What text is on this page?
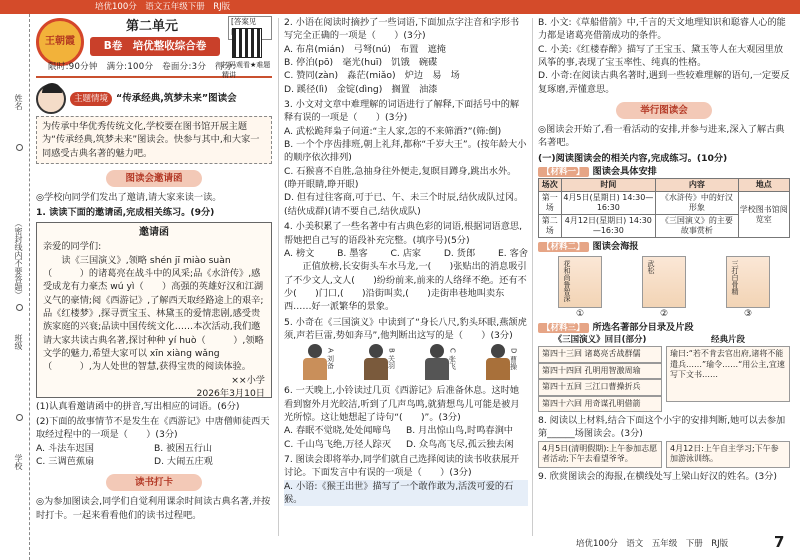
培优100分　语文五年级下册　RJ版
姓名
（密封线内不要答题）
班级
学校
王朝霞
第二单元
B卷　培优整收综合卷
[答案见
扫码观看★难题精讲
限时:90分钟　满分:100分　卷面分:3分　得分:
主题情境 “传承经典,筑梦未来”图读会
为传承中华优秀传统文化,学校要在图书馆开展主题为“传承经典,筑梦未来”图读会。快参与其中,和大家一同感受古典名著的魅力吧。
图读会邀请函

◎学校向同学们发出了邀请,请大家来读一读。

1. 读读下面的邀请函,完成相关练习。(9分)

邀请函

亲爱的同学们:

读《三国演义》,领略 shén jī miào suàn（　　　）的诸葛亮在战斗中的风采;品《水浒传》,感受成龙有力豪杰 wú yì（　　）高强的英雄好汉和江湖义气的豪情;阅《西游记》,了解西天取经路途上的艰辛;品《红楼梦》,探寻贾宝玉、林黛玉的爱情悲剧,感受贵族家庭的兴衰;品读中国传统文化……本次活动,我们邀请大家共读古典名著,探讨种种 yí huò（　　　）,领略文学的魅力,希望大家可以 xīn xiàng wǎng（　　　）,为人处世的智慧,获得宝贵的阅读体验。

××小学

2026年3月10日

(1)认真看邀请函中的拼音,写出相应的词语。(6分)

(2)下面的故事情节不是发生在《西游记》中唐僧师徒西天取经过程中的一项是（　　）(3分)

A. 斗法车迟国	B. 被困五行山
C. 三调芭蕉扇	D. 大闹五庄观
读书打卡

◎为参加图读会,同学们自觉利用课余时间读古典名著,并按时打卡。一起来看看他们的读书过程吧。

2. 小语在阅读时摘抄了一些词语,下面加点字注音和字形书写完全正确的一项是（　　）(3分)

A. 布帛(mián)　弓弩(nú)　布置　遮掩

B. 停泊(pō)　毫光(huī)　饥饿　碗碟

C. 赞同(zàn)　淼茫(miǎo)　炉边　易　场

D. 蹊径(lì)　金锭(dìng)　搁置　油漆

3. 小文对文章中难理解的词语进行了解释,下面括号中的解释有误的一项是（　　）(3分)

A. 武松跪拜枭子问道:“主人家,怎的不来筛酒?”(筛:倒)

B. 一个个序齿排班,朝上礼拜,都称“千岁大王”。(按年龄大小的顺序依次排列)

C. 石猴喜不自胜,急抽身往外便走,复瞑目蹲身,跳出水外。(睁开眼睛,睁开眼)

D. 但有过往客商,可于已、午、未三个时辰,结伙成队过冈。(结伙成群)(请不要自己,结伙成队)

4. 小美积累了一些名著中有古典色彩的词语,根据词语意思,帮她把自己写的语段补充完整。(填序号)(5分)

A. 榜文 B. 墨客 C. 店家 D. 货郎 E. 客舍

正值放榜,长安街头车水马龙,一(　　)张贴出的消息吸引了不少文人,文人(　　)纷纷前来,前来的人络绎不绝。还有不少(　　)门口,(　　)沿街叫卖,(　　)走街串巷地叫卖东西……好一派繁华的景象。

5. 小奇在《三国演义》中读到了“身长八尺,豹头环眼,燕颔虎须,声若巨雷,势如奔马”,他判断出这写的是（　　）(3分)

A 刘备	B 关羽	C 张飞	D 曹操

6. 一天晚上,小铃读过几页《西游记》后准备休息。这时她看到窗外月光皎洁,听到了几声鸟鸣,就猜想鸟儿可能是被月光所惊。这让她想起了诗句“(　　)”。(3分)

A. 春眠不觉晓,处处闻啼鸟	B. 月出惊山鸟,时鸣春涧中
C. 千山鸟飞绝,万径人踪灭	D. 众鸟高飞尽,孤云独去闲

7. 图读会即将举办,同学们就自己选择阅读的读书收获展开讨论。下面发言中有误的一项是（　　）(3分)

A. 小语:《猴王出世》描写了一个敢作敢为,活泼可爱的石猴。

B. 小文:《草船借箭》中,千言的天文地理知识和聪睿人心的能力都是诸葛亮借箭成功的条件。

C. 小美:《红楼春醉》描写了王宝玉、黛玉等人在大观园里放风筝的事,表现了宝玉率性、纯真的性格。

D. 小奇:在阅读古典名著时,遇到一些较难理解的语句,一定要反复琢磨,弄懂意思。

举行图读会

◎图读会开始了,看一看活动的安排,并参与进来,深入了解古典名著吧。

(一)阅读图读会的相关内容,完成练习。(10分)

【材料一】 图读会具体安排

场次	时间	内容	地点
第一场	4月5日(星期日) 14:30—16:30	《水浒传》中的好汉形象	学校图书馆阅览室
第二场	4月12日(星期日) 14:30—16:30	《三国演义》的主要故事赏析	

【材料二】 图读会海报

花和尚鲁智深	武松	三打白骨精
①	②	③

【材料三】 所选名著部分目录及片段

《三国演义》回目(部分)

第四十三回 诸葛亮舌战群儒
第四十四回 孔明用智激周瑜
第四十五回 三江口曹操折兵
第四十六回 用奇谋孔明借箭

经典片段

瑜曰:“若不肯去官出府,诸将不能遣兵……”瑜令……“用公主,宜速写下文书……

8. 阅读以上材料,结合下面这个小宇的安排判断,她可以去参加第______场图读会。(3分)

4月5日(清明假期):上午参加志愿者活动;下午去看望爷爷。
4月12日:上午自主学习;下午参加游泳训练。

9. 欣赏图读会的海报,在横线处写上梁山好汉的姓名。(3分)

培优100分　语文　五年级　下册　RJ版	7
